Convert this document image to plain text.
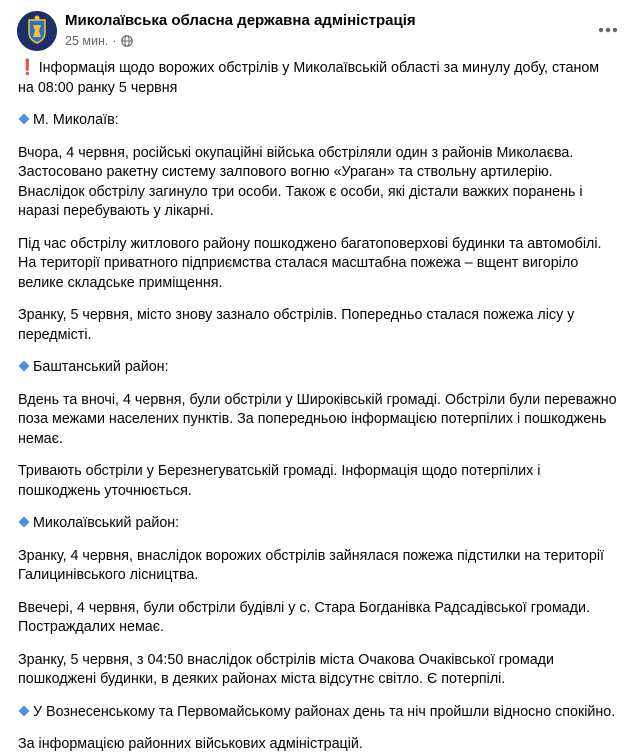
Миколаївська обласна державна адміністрація
25 мин. ·

❗ Інформація щодо ворожих обстрілів у Миколаївській області за минулу добу, станом на 08:00 ранку 5 червня

М. Миколаїв:

Вчора, 4 червня, російські окупаційні війська обстріляли один з районів Миколаєва. Застосовано ракетну систему залпового вогню «Ураган» та ствольну артилерію. Внаслідок обстрілу загинуло три особи. Також є особи, які дістали важких поранень і наразі перебувають у лікарні.

Під час обстрілу житлового району пошкоджено багатоповерхові будинки та автомобілі. На території приватного підприємства сталася масштабна пожежа – вщент вигоріло велике складське приміщення.

Зранку, 5 червня, місто знову зазнало обстрілів. Попередньо сталася пожежа лісу у передмісті.

Баштанський район:

Вдень та вночі, 4 червня, були обстріли у Широківській громаді. Обстріли були переважно поза межами населених пунктів. За попередньою інформацією потерпілих і пошкоджень немає.

Тривають обстріли у Березнегуватській громаді. Інформація щодо потерпілих і пошкоджень уточнюється.

Миколаївський район:

Зранку, 4 червня, внаслідок ворожих обстрілів зайнялася пожежа підстилки на території Галицинівського лісництва.

Ввечері, 4 червня, були обстріли будівлі у с. Стара Богданівка Радсадівської громади. Постраждалих немає.

Зранку, 5 червня, з 04:50 внаслідок обстрілів міста Очакова Очаківської громади пошкоджені будинки, в деяких районах міста відсутнє світло. Є потерпілі.

У Вознесенському та Первомайському районах день та ніч пройшли відносно спокійно.

За інформацією районних військових адміністрацій.
